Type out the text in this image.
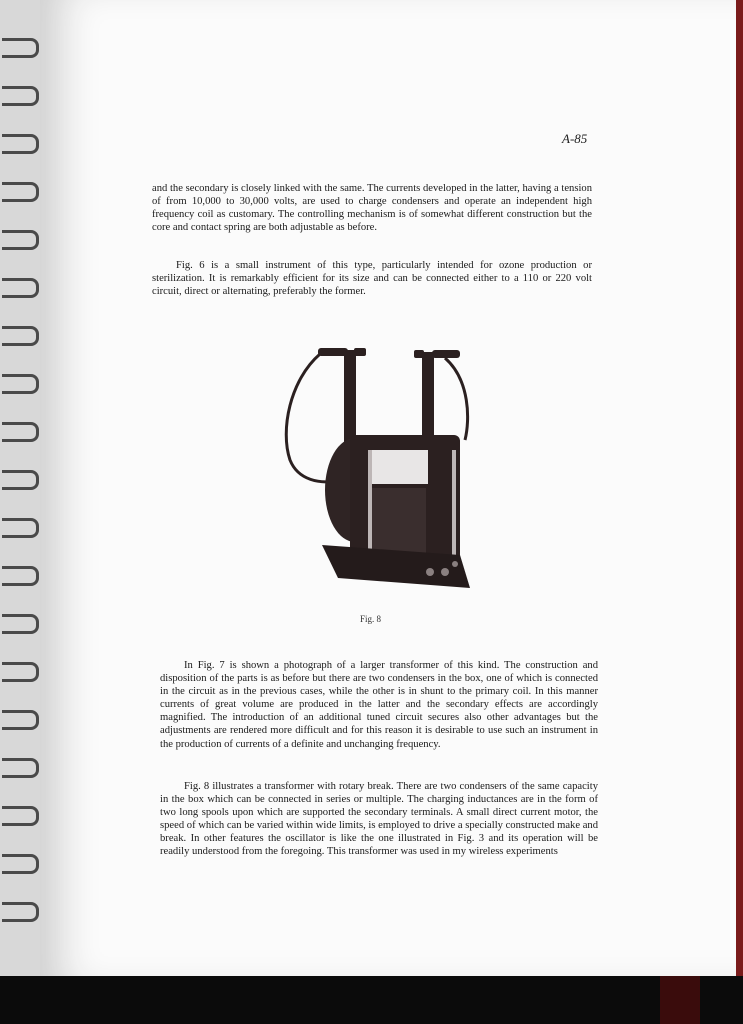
A-85

and the secondary is closely linked with the same. The currents developed in the latter, having a tension of from 10,000 to 30,000 volts, are used to charge condensers and operate an independent high frequency coil as customary. The controlling mechanism is of somewhat different construction but the core and contact spring are both adjustable as before.

Fig. 6 is a small instrument of this type, particularly intended for ozone production or sterilization. It is remarkably efficient for its size and can be connected either to a 110 or 220 volt circuit, direct or alternating, preferably the former.

Fig. 8

In Fig. 7 is shown a photograph of a larger transformer of this kind. The construction and disposition of the parts is as before but there are two condensers in the box, one of which is connected in the circuit as in the previous cases, while the other is in shunt to the primary coil. In this manner currents of great volume are produced in the latter and the secondary effects are accordingly magnified. The introduction of an additional tuned circuit secures also other advantages but the adjustments are rendered more difficult and for this reason it is desirable to use such an instrument in the production of currents of a definite and unchanging frequency.

Fig. 8 illustrates a transformer with rotary break. There are two condensers of the same capacity in the box which can be connected in series or multiple. The charging inductances are in the form of two long spools upon which are supported the secondary terminals. A small direct current motor, the speed of which can be varied within wide limits, is employed to drive a specially constructed make and break. In other features the oscillator is like the one illustrated in Fig. 3 and its operation will be readily understood from the foregoing. This transformer was used in my wireless experiments
